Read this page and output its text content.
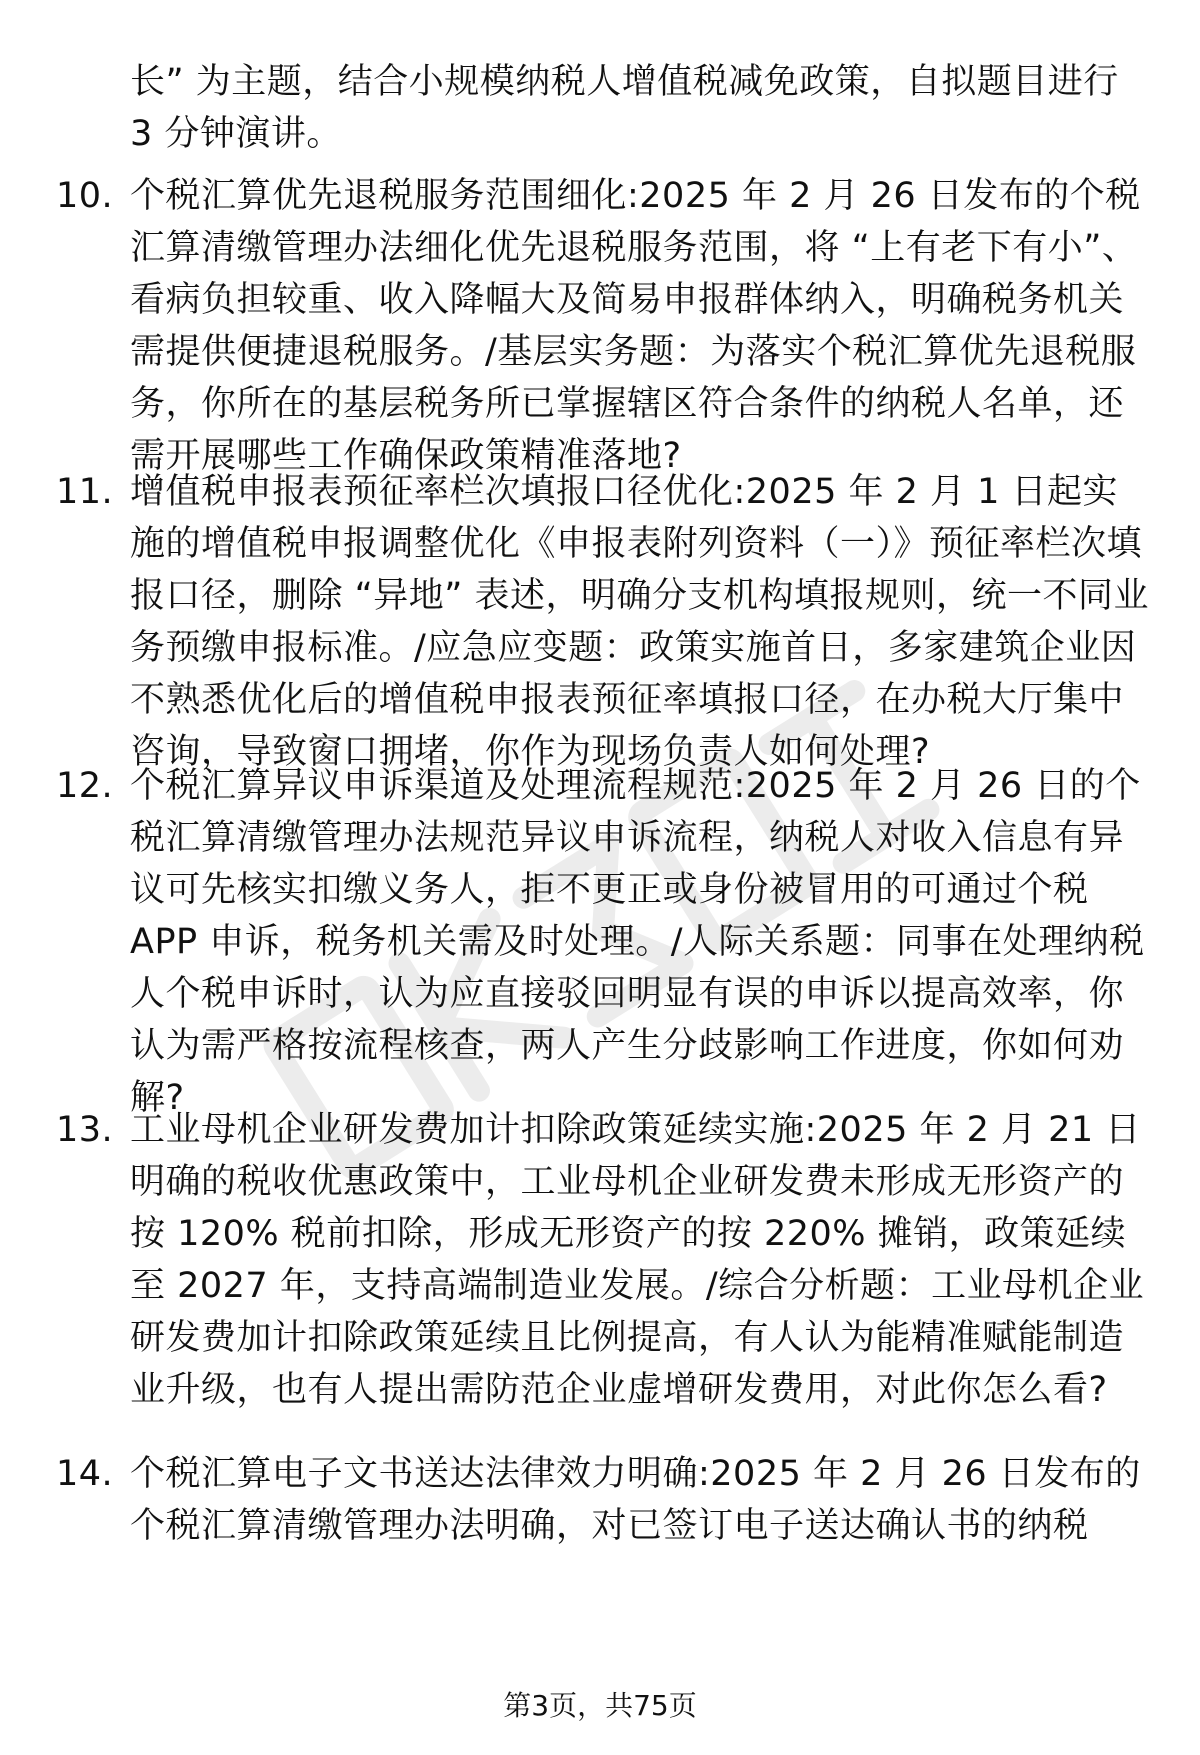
长” 为主题，结合小规模纳税人增值税减免政策，自拟题目进行 3 分钟演讲。
10. 个税汇算优先退税服务范围细化:2025 年 2 月 26 日发布的个税汇算清缴管理办法细化优先退税服务范围，将 “上有老下有小”、看病负担较重、收入降幅大及简易申报群体纳入，明确税务机关需提供便捷退税服务。/基层实务题：为落实个税汇算优先退税服务，你所在的基层税务所已掌握辖区符合条件的纳税人名单，还需开展哪些工作确保政策精准落地?
11. 增值税申报表预征率栏次填报口径优化:2025 年 2 月 1 日起实施的增值税申报调整优化《申报表附列资料（一）》预征率栏次填报口径，删除 “异地” 表述，明确分支机构填报规则，统一不同业务预缴申报标准。/应急应变题：政策实施首日，多家建筑企业因不熟悉优化后的增值税申报表预征率填报口径，在办税大厅集中咨询，导致窗口拥堵，你作为现场负责人如何处理?
12. 个税汇算异议申诉渠道及处理流程规范:2025 年 2 月 26 日的个税汇算清缴管理办法规范异议申诉流程，纳税人对收入信息有异议可先核实扣缴义务人，拒不更正或身份被冒用的可通过个税 APP 申诉，税务机关需及时处理。/人际关系题：同事在处理纳税人个税申诉时，认为应直接驳回明显有误的申诉以提高效率，你认为需严格按流程核查，两人产生分歧影响工作进度，你如何劝解?
13. 工业母机企业研发费加计扣除政策延续实施:2025 年 2 月 21 日明确的税收优惠政策中，工业母机企业研发费未形成无形资产的按 120% 税前扣除，形成无形资产的按 220% 摊销，政策延续至 2027 年，支持高端制造业发展。/综合分析题：工业母机企业研发费加计扣除政策延续且比例提高，有人认为能精准赋能制造业升级，也有人提出需防范企业虚增研发费用，对此你怎么看?
14. 个税汇算电子文书送达法律效力明确:2025 年 2 月 26 日发布的个税汇算清缴管理办法明确，对已签订电子送达确认书的纳税
第3页，共75页
